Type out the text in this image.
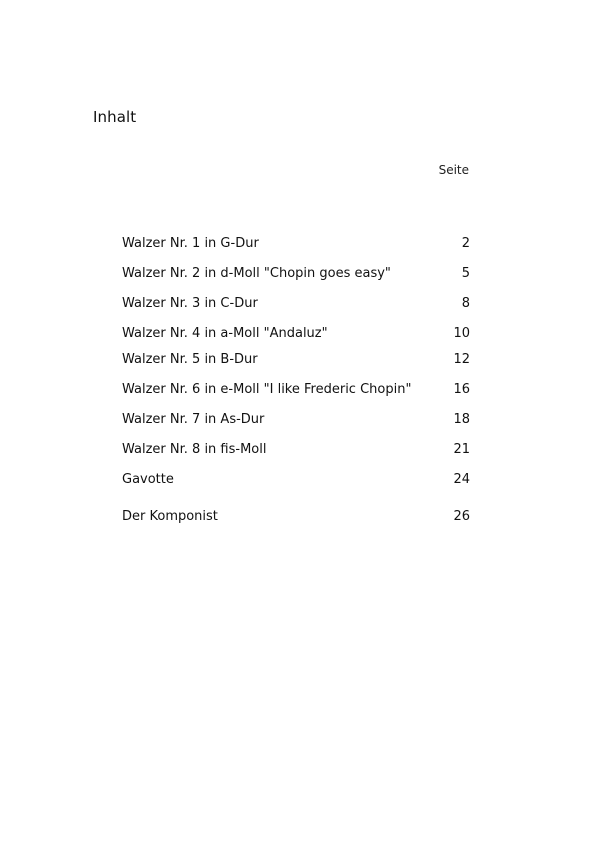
Inhalt
Seite
Walzer Nr. 1 in G-Dur	2
Walzer Nr. 2 in d-Moll "Chopin goes easy"	5
Walzer Nr. 3 in C-Dur	8
Walzer Nr. 4 in a-Moll "Andaluz"	10
Walzer Nr. 5 in B-Dur	12
Walzer Nr. 6 in e-Moll "I like Frederic Chopin"	16
Walzer Nr. 7 in As-Dur	18
Walzer Nr. 8 in fis-Moll	21
Gavotte	24
Der Komponist	26
